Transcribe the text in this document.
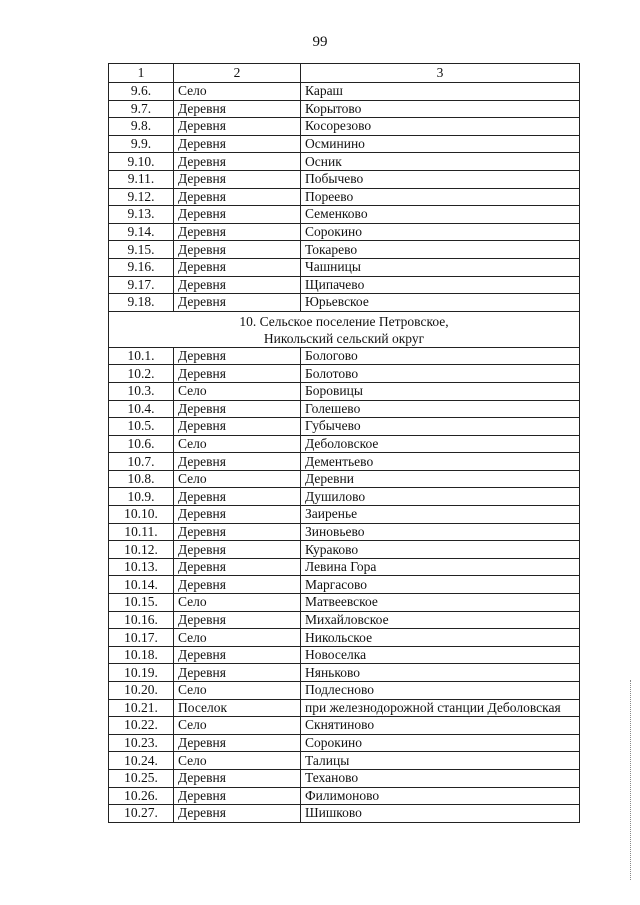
99
1	2	3
9.6.	Село	Караш
9.7.	Деревня	Корытово
9.8.	Деревня	Косорезово
9.9.	Деревня	Осминино
9.10.	Деревня	Осник
9.11.	Деревня	Побычево
9.12.	Деревня	Пореево
9.13.	Деревня	Семенково
9.14.	Деревня	Сорокино
9.15.	Деревня	Токарево
9.16.	Деревня	Чашницы
9.17.	Деревня	Щипачево
9.18.	Деревня	Юрьевское
10. Сельское поселение Петровское,
Никольский сельский округ		
10.1.	Деревня	Бологово
10.2.	Деревня	Болотово
10.3.	Село	Боровицы
10.4.	Деревня	Голешево
10.5.	Деревня	Губычево
10.6.	Село	Деболовское
10.7.	Деревня	Дементьево
10.8.	Село	Деревни
10.9.	Деревня	Душилово
10.10.	Деревня	Заиренье
10.11.	Деревня	Зиновьево
10.12.	Деревня	Кураково
10.13.	Деревня	Левина Гора
10.14.	Деревня	Маргасово
10.15.	Село	Матвеевское
10.16.	Деревня	Михайловское
10.17.	Село	Никольское
10.18.	Деревня	Новоселка
10.19.	Деревня	Няньково
10.20.	Село	Подлесново
10.21.	Поселок	при железнодорожной станции Деболовская
10.22.	Село	Скнятиново
10.23.	Деревня	Сорокино
10.24.	Село	Талицы
10.25.	Деревня	Теханово
10.26.	Деревня	Филимоново
10.27.	Деревня	Шишково
